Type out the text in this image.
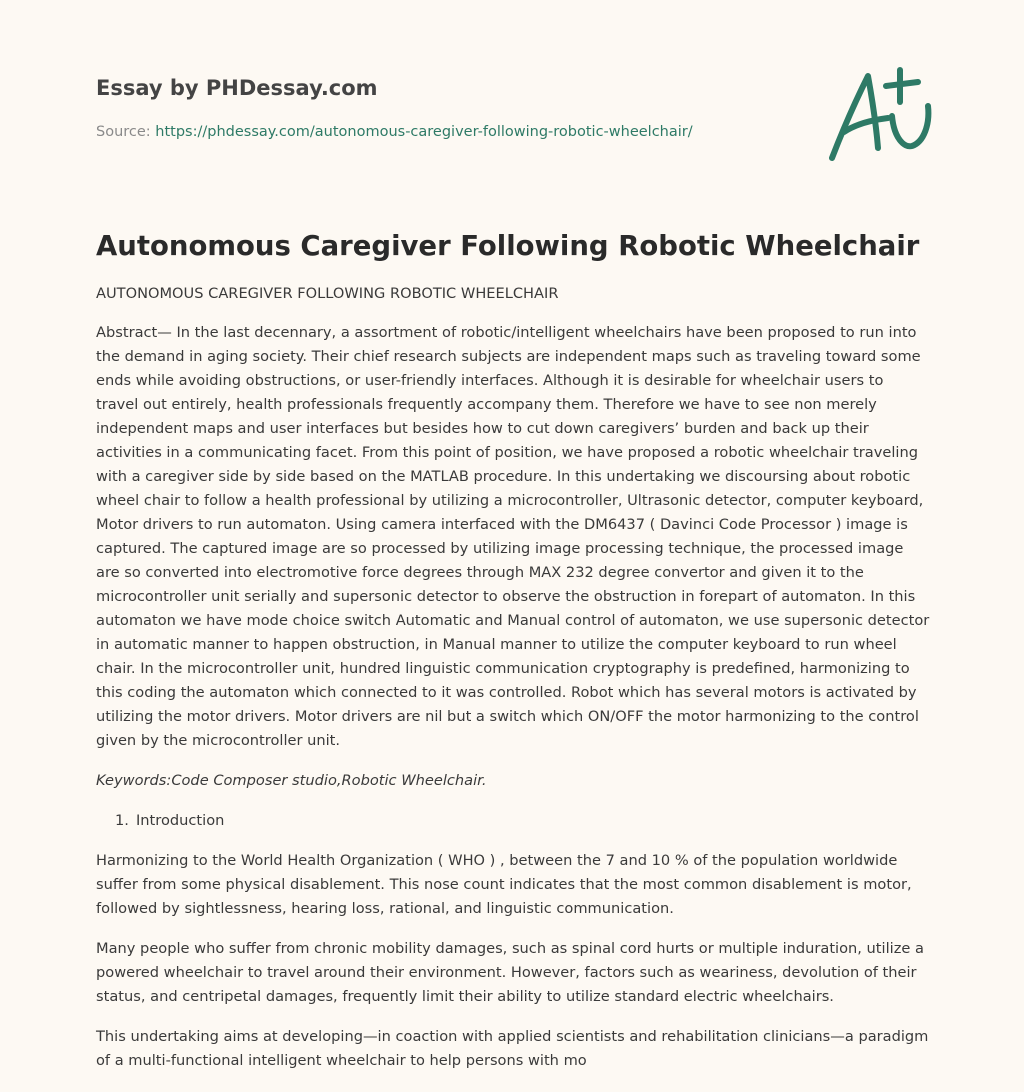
Essay by PHDessay.com

Source: https://phdessay.com/autonomous-caregiver-following-robotic-wheelchair/

Autonomous Caregiver Following Robotic Wheelchair

AUTONOMOUS CAREGIVER FOLLOWING ROBOTIC WHEELCHAIR

Abstract— In the last decennary, a assortment of robotic/intelligent wheelchairs have been proposed to run into the demand in aging society. Their chief research subjects are independent maps such as traveling toward some ends while avoiding obstructions, or user-friendly interfaces. Although it is desirable for wheelchair users to travel out entirely, health professionals frequently accompany them. Therefore we have to see non merely independent maps and user interfaces but besides how to cut down caregivers’ burden and back up their activities in a communicating facet. From this point of position, we have proposed a robotic wheelchair traveling with a caregiver side by side based on the MATLAB procedure. In this undertaking we discoursing about robotic wheel chair to follow a health professional by utilizing a microcontroller, Ultrasonic detector, computer keyboard, Motor drivers to run automaton. Using camera interfaced with the DM6437 ( Davinci Code Processor ) image is captured. The captured image are so processed by utilizing image processing technique, the processed image are so converted into electromotive force degrees through MAX 232 degree convertor and given it to the microcontroller unit serially and supersonic detector to observe the obstruction in forepart of automaton. In this automaton we have mode choice switch Automatic and Manual control of automaton, we use supersonic detector in automatic manner to happen obstruction, in Manual manner to utilize the computer keyboard to run wheel chair. In the microcontroller unit, hundred linguistic communication cryptography is predefined, harmonizing to this coding the automaton which connected to it was controlled. Robot which has several motors is activated by utilizing the motor drivers. Motor drivers are nil but a switch which ON/OFF the motor harmonizing to the control given by the microcontroller unit.

Keywords:Code Composer studio,Robotic Wheelchair.

1. Introduction

Harmonizing to the World Health Organization ( WHO ) , between the 7 and 10 % of the population worldwide suffer from some physical disablement. This nose count indicates that the most common disablement is motor, followed by sightlessness, hearing loss, rational, and linguistic communication.

Many people who suffer from chronic mobility damages, such as spinal cord hurts or multiple induration, utilize a powered wheelchair to travel around their environment. However, factors such as weariness, devolution of their status, and centripetal damages, frequently limit their ability to utilize standard electric wheelchairs.

This undertaking aims at developing—in coaction with applied scientists and rehabilitation clinicians—a paradigm of a multi-functional intelligent wheelchair to help persons with mo
